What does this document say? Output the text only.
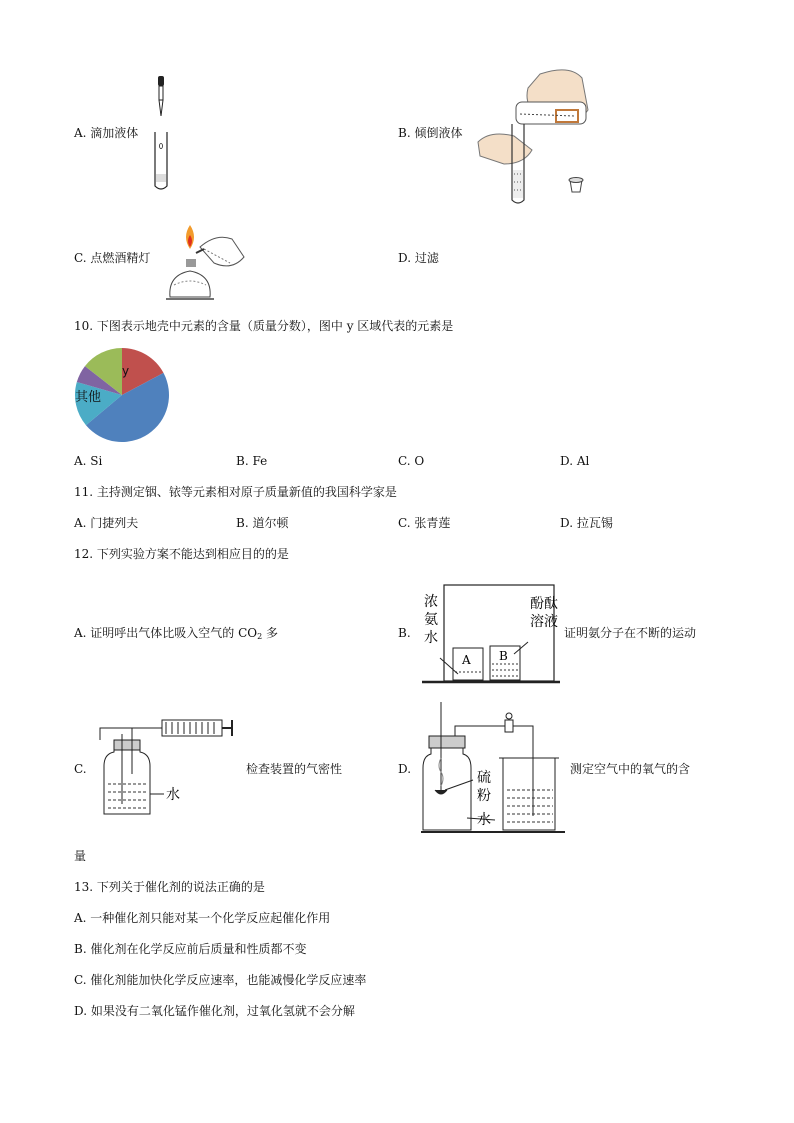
A. 滴加液体	B. 倾倒液体
C. 点燃酒精灯	D. 过滤
10. 下图表示地壳中元素的含量（质量分数），图中 y 区域代表的元素是
y
其他
A. Si	B. Fe	C. O	D. Al
11. 主持测定铟、铱等元素相对原子质量新值的我国科学家是
A. 门捷列夫	B. 道尔顿	C. 张青莲	D. 拉瓦锡
12. 下列实验方案不能达到相应目的的是
A. 证明呼出气体比吸入空气的 $CO_2$ 多	B.
A B
浓
氨
水
酚酞
溶液
证明氨分子在不断的运动
C.
水
检查装置的气密性	D.
硫
粉
水
测定空气中的氧气的含
量
13. 下列关于催化剂的说法正确的是
A. 一种催化剂只能对某一个化学反应起催化作用
B. 催化剂在化学反应前后质量和性质都不变
C. 催化剂能加快化学反应速率，也能减慢化学反应速率
D. 如果没有二氧化锰作催化剂，过氧化氢就不会分解
